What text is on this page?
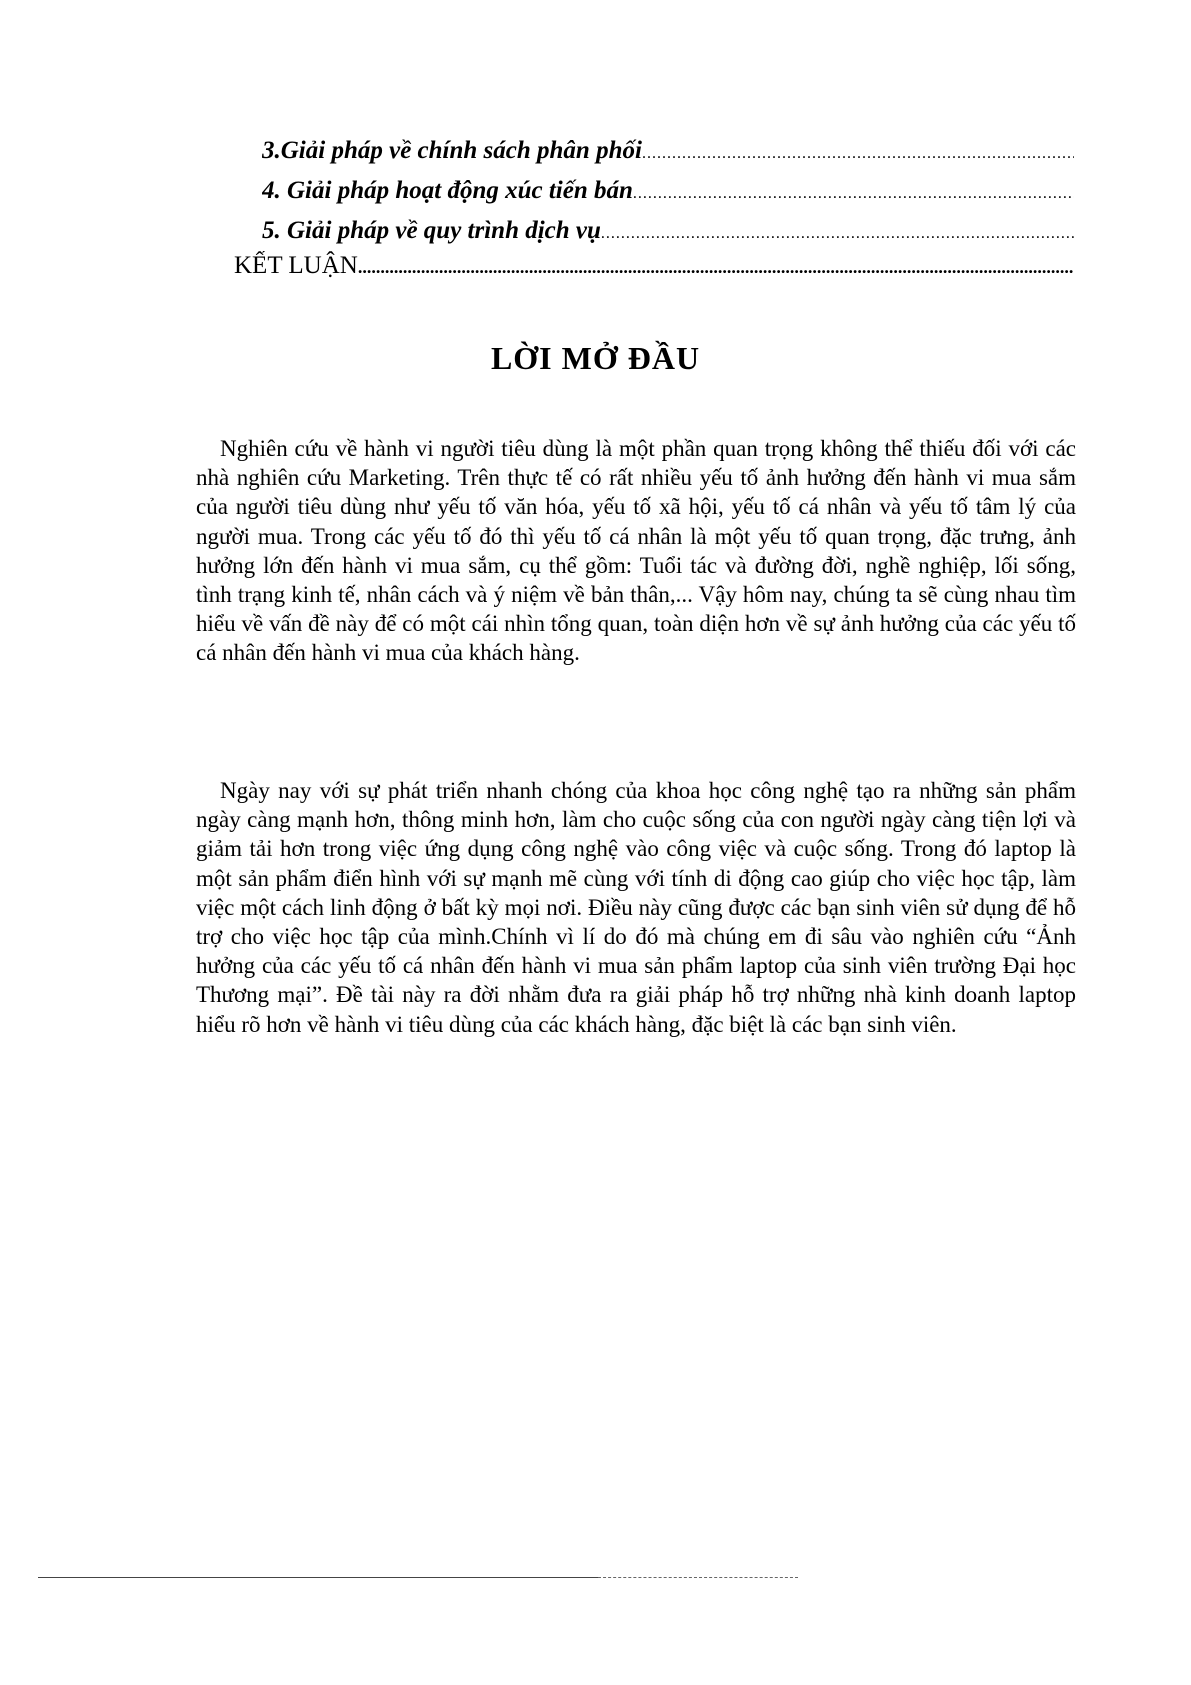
3.Giải pháp về chính sách phân phối
.....
4. Giải pháp hoạt động xúc tiến bán
.....
5. Giải pháp về quy trình dịch vụ
.....
KẾT LUẬN
.....
LỜI MỞ ĐẦU

Nghiên cứu về hành vi người tiêu dùng là một phần quan trọng không thể thiếu đối với các nhà nghiên cứu Marketing. Trên thực tế có rất nhiều yếu tố ảnh hưởng đến hành vi mua sắm của người tiêu dùng như yếu tố văn hóa, yếu tố xã hội, yếu tố cá nhân và yếu tố tâm lý của người mua. Trong các yếu tố đó thì yếu tố cá nhân là một yếu tố quan trọng, đặc trưng, ảnh hưởng lớn đến hành vi mua sắm, cụ thể gồm: Tuổi tác và đường đời, nghề nghiệp, lối sống, tình trạng kinh tế, nhân cách và ý niệm về bản thân,... Vậy hôm nay, chúng ta sẽ cùng nhau tìm hiểu về vấn đề này để có một cái nhìn tổng quan, toàn diện hơn về sự ảnh hưởng của các yếu tố cá nhân đến hành vi mua của khách hàng.

Ngày nay với sự phát triển nhanh chóng của khoa học công nghệ tạo ra những sản phẩm ngày càng mạnh hơn, thông minh hơn, làm cho cuộc sống của con người ngày càng tiện lợi và giảm tải hơn trong việc ứng dụng công nghệ vào công việc và cuộc sống. Trong đó laptop là một sản phẩm điển hình với sự mạnh mẽ cùng với tính di động cao giúp cho việc học tập, làm việc một cách linh động ở bất kỳ mọi nơi. Điều này cũng được các bạn sinh viên sử dụng để hỗ trợ cho việc học tập của mình.Chính vì lí do đó mà chúng em đi sâu vào nghiên cứu “Ảnh hưởng của các yếu tố cá nhân đến hành vi mua sản phẩm laptop của sinh viên trường Đại học Thương mại”. Đề tài này ra đời nhằm đưa ra giải pháp hỗ trợ những nhà kinh doanh laptop hiểu rõ hơn về hành vi tiêu dùng của các khách hàng, đặc biệt là các bạn sinh viên.
